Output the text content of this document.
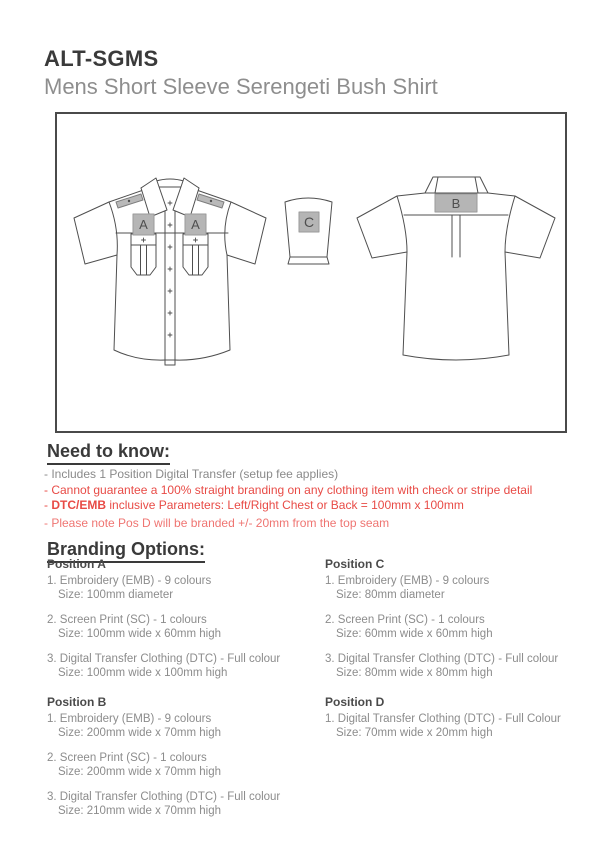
ALT-SGMS
Mens Short Sleeve Serengeti Bush Shirt
A	A	C
B
Need to know:
- Includes 1 Position Digital Transfer (setup fee applies)
- Cannot guarantee a 100% straight branding on any clothing item with check or stripe detail
- DTC/EMB inclusive Parameters: Left/Right Chest or Back = 100mm x 100mm
- Please note Pos D will be branded +/- 20mm from the top seam
Branding Options:
Position A
1. Embroidery (EMB) - 9 colours
Size: 100mm diameter
2. Screen Print (SC) - 1 colours
Size: 100mm wide x 60mm high
3. Digital Transfer Clothing (DTC) - Full colour
Size: 100mm wide x 100mm high
Position B
1. Embroidery (EMB) - 9 colours
Size: 200mm wide x 70mm high
2. Screen Print (SC) - 1 colours
Size: 200mm wide x 70mm high
3. Digital Transfer Clothing (DTC) - Full colour
Size: 210mm wide x 70mm high
Position C
1. Embroidery (EMB) - 9 colours
Size: 80mm diameter
2. Screen Print (SC) - 1 colours
Size: 60mm wide x 60mm high
3. Digital Transfer Clothing (DTC) - Full colour
Size: 80mm wide x 80mm high
Position D
1. Digital Transfer Clothing (DTC) - Full Colour
Size: 70mm wide x 20mm high
